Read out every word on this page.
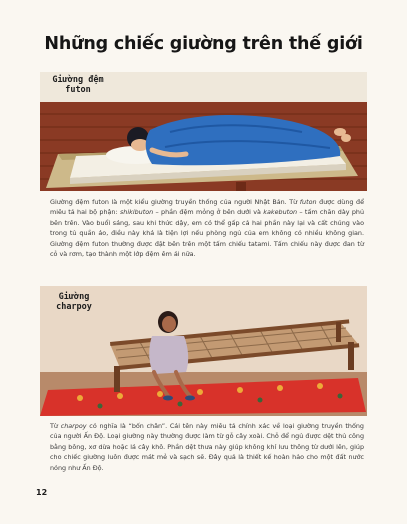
Những chiếc giường trên thế giới
Giường đệm
futon

Giường đệm futon là một kiểu giường truyền thống của người Nhật Bản. Từ futon được dùng để miêu tả hai bộ phận: shikibuton – phần đệm mỏng ở bên dưới và kakebuton – tấm chăn dày phủ bên trên. Vào buổi sáng, sau khi thức dậy, em có thể gấp cả hai phần này lại và cất chúng vào trong tủ quần áo, điều này khá là tiện lợi nếu phòng ngủ của em không có nhiều không gian. Giường đệm futon thường được đặt bên trên một tấm chiếu tatami. Tấm chiếu này được đan từ cỏ và rơm, tạo thành một lớp đệm êm ái nữa.

Giường
charpoy

Từ charpoy có nghĩa là “bốn chân”. Cái tên này miêu tả chính xác về loại giường truyền thống của người Ấn Độ. Loại giường này thường được làm từ gỗ cây xoài. Chỗ để ngủ được dệt thủ công bằng bông, xơ dừa hoặc lá cây khô. Phần dệt thưa này giúp không khí lưu thông từ dưới lên, giúp cho chiếc giường luôn được mát mẻ và sạch sẽ. Đây quả là thiết kế hoàn hảo cho một đất nước nóng như Ấn Độ.

12
